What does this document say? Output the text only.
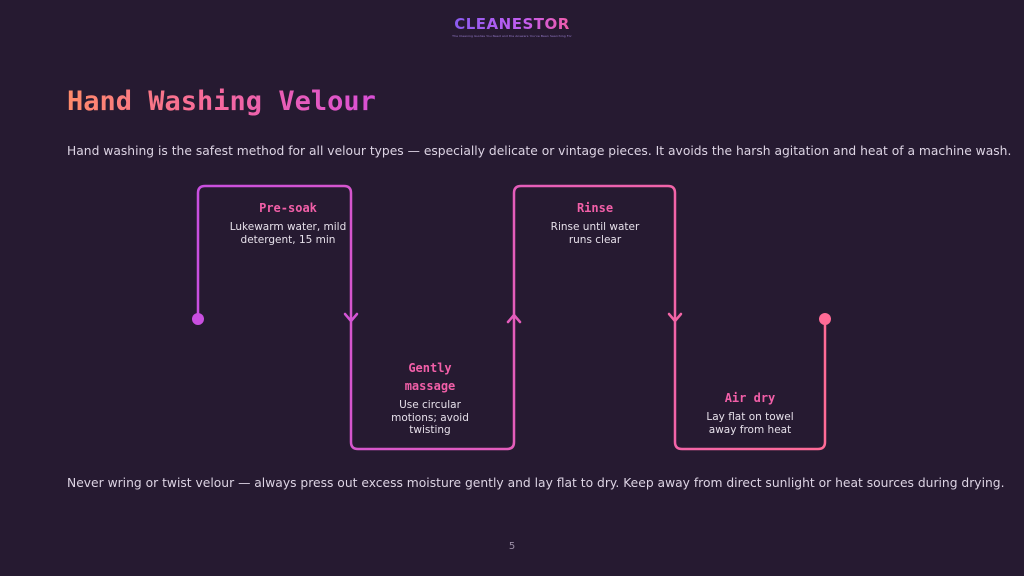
CLEANESTOR
The Cleaning Guides You Need and the Answers You've Been Searching For
Hand Washing Velour

Hand washing is the safest method for all velour types — especially delicate or vintage pieces. It avoids the harsh agitation and heat of a machine wash.

Pre-soak
Lukewarm water, mild detergent, 15 min
Gently massage
Use circular motions; avoid twisting
Rinse
Rinse until water runs clear
Air dry
Lay flat on towel away from heat

Never wring or twist velour — always press out excess moisture gently and lay flat to dry. Keep away from direct sunlight or heat sources during drying.

5
